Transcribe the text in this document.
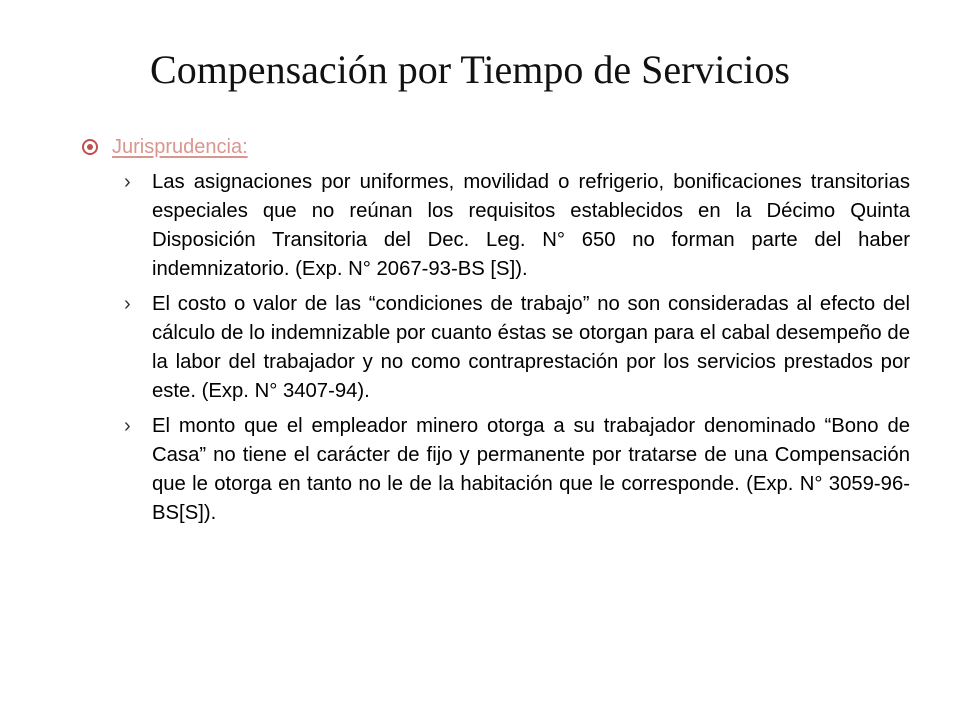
Compensación por Tiempo de Servicios
Jurisprudencia:
› Las asignaciones por uniformes, movilidad o refrigerio, bonificaciones transitorias especiales que no reúnan los requisitos establecidos en la Décimo Quinta Disposición Transitoria del Dec. Leg. N° 650 no forman parte del haber indemnizatorio. (Exp. N° 2067-93-BS [S]).
› El costo o valor de las “condiciones de trabajo” no son consideradas al efecto del cálculo de lo indemnizable por cuanto éstas se otorgan para el cabal desempeño de la labor del trabajador y no como contraprestación por los servicios prestados por este. (Exp. N° 3407-94).
› El monto que el empleador minero otorga a su trabajador denominado “Bono de Casa” no tiene el carácter de fijo y permanente por tratarse de una Compensación que le otorga en tanto no le de la habitación que le corresponde. (Exp. N° 3059-96-BS[S]).
